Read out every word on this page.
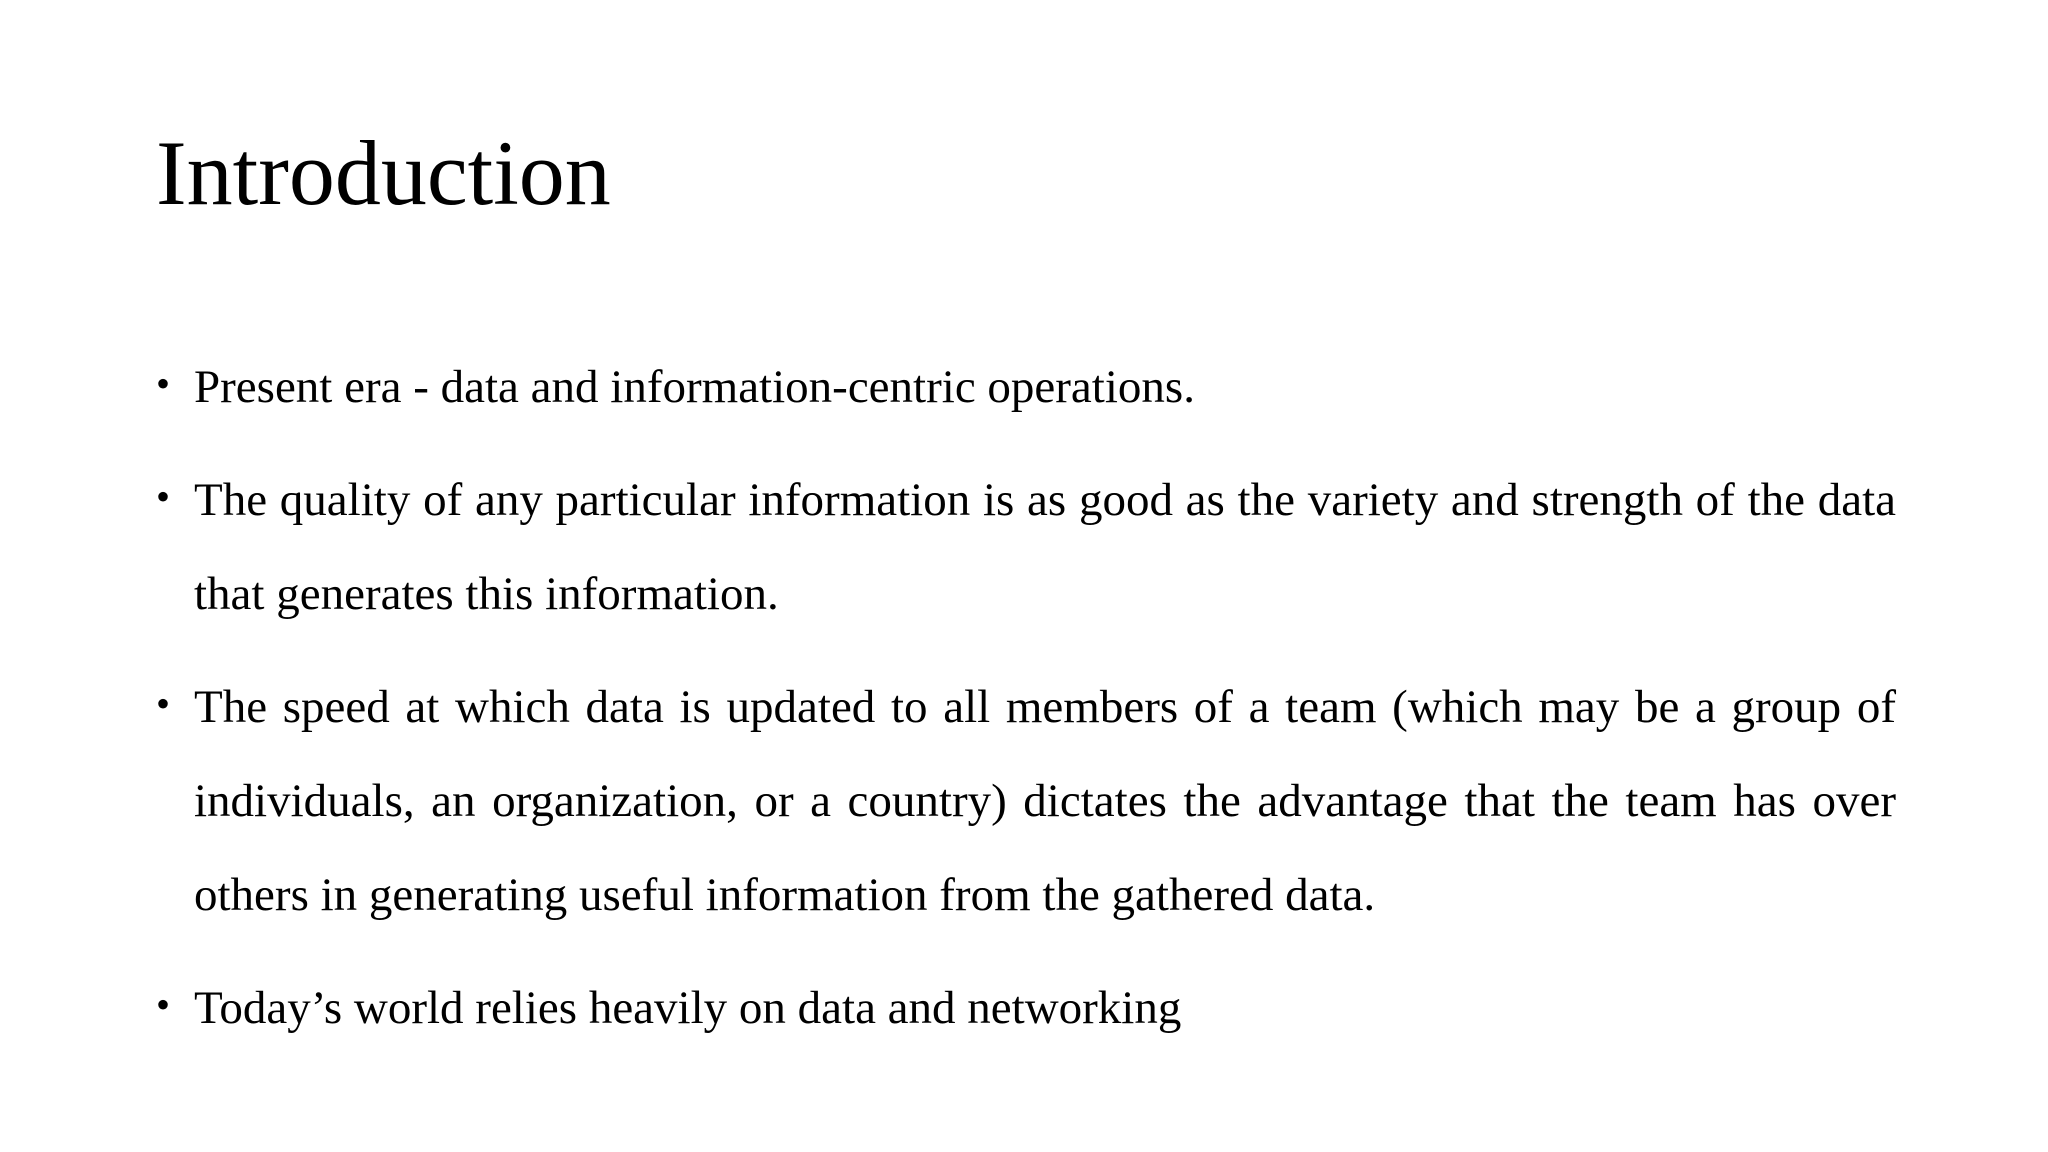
Introduction
• Present era - data and information-centric operations.
• The quality of any particular information is as good as the variety and strength of the data that generates this information.
• The speed at which data is updated to all members of a team (which may be a group of individuals, an organization, or a country) dictates the advantage that the team has over others in generating useful information from the gathered data.
• Today’s world relies heavily on data and networking
